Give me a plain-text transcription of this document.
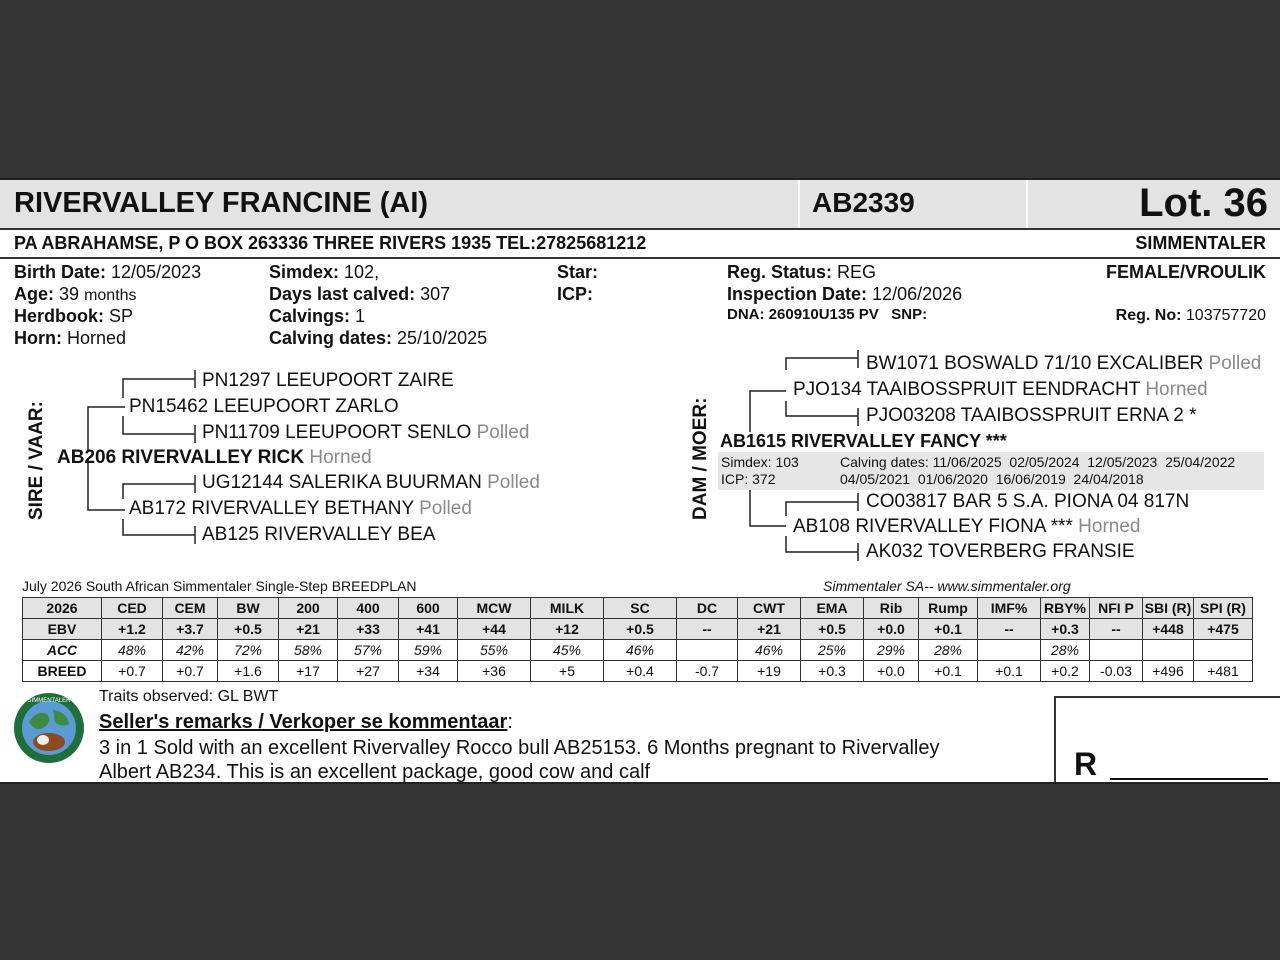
RIVERVALLEY FRANCINE (AI)	AB2339	Lot. 36
PA ABRAHAMSE, P O BOX 263336 THREE RIVERS 1935 TEL:27825681212	SIMMENTALER
Birth Date: 12/05/2023
Age: 39 months
Herdbook: SP
Horn: Horned
Simdex: 102,
Days last calved: 307
Calvings: 1
Calving dates: 25/10/2025
Star:
ICP:
Reg. Status: REG
Inspection Date: 12/06/2026
DNA: 260910U135 PV SNP:
FEMALE/VROULIK
Reg. No: 103757720
SIRE / VAAR:
PN1297 LEEUPOORT ZAIRE
PN15462 LEEUPOORT ZARLO
PN11709 LEEUPOORT SENLO Polled
AB206 RIVERVALLEY RICK Horned
UG12144 SALERIKA BUURMAN Polled
AB172 RIVERVALLEY BETHANY Polled
AB125 RIVERVALLEY BEA
DAM / MOER:
BW1071 BOSWALD 71/10 EXCALIBER Polled
PJO134 TAAIBOSSPRUIT EENDRACHT Horned
PJO03208 TAAIBOSSPRUIT ERNA 2 *
AB1615 RIVERVALLEY FANCY ***
Simdex: 103
ICP: 372
Calving dates: 11/06/2025  02/05/2024  12/05/2023  25/04/2022
04/05/2021  01/06/2020  16/06/2019  24/04/2018
CO03817 BAR 5 S.A. PIONA 04 817N
AB108 RIVERVALLEY FIONA *** Horned
AK032 TOVERBERG FRANSIE
July 2026 South African Simmentaler Single-Step BREEDPLAN	Simmentaler SA-- www.simmentaler.org
2026	CED	CEM	BW	200	400	600	MCW	MILK	SC	DC	CWT	EMA	Rib	Rump	IMF%	RBY%	NFI P	SBI (R)	SPI (R)
EBV	+1.2	+3.7	+0.5	+21	+33	+41	+44	+12	+0.5	--	+21	+0.5	+0.0	+0.1	--	+0.3	--	+448	+475
ACC	48%	42%	72%	58%	57%	59%	55%	45%	46%		46%	25%	29%	28%		28%			
BREED	+0.7	+0.7	+1.6	+17	+27	+34	+36	+5	+0.4	-0.7	+19	+0.3	+0.0	+0.1	+0.1	+0.2	-0.03	+496	+481
SIMMENTALER Traits observed: GL BWT
Seller's remarks / Verkoper se kommentaar:
3 in 1 Sold with an excellent Rivervalley Rocco bull AB25153. 6 Months pregnant to Rivervalley
Albert AB234. This is an excellent package, good cow and calf	R
